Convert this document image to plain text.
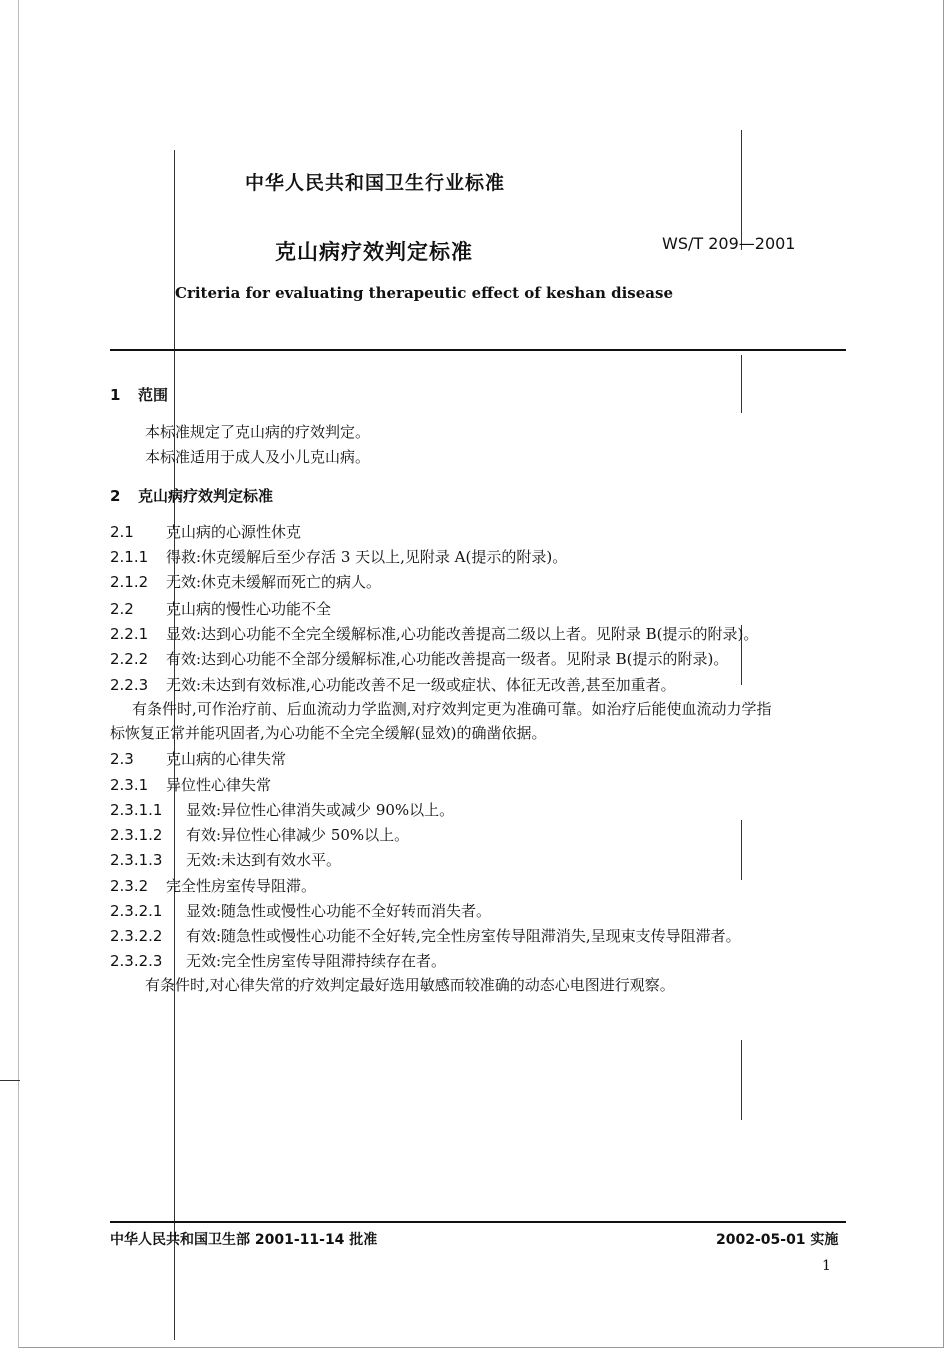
中华人民共和国卫生行业标准
克山病疗效判定标准	WS/T 209—2001
Criteria for evaluating therapeutic effect of keshan disease
1 范围
本标准规定了克山病的疗效判定。
本标准适用于成人及小儿克山病。
2 克山病疗效判定标准
2.1 克山病的心源性休克
2.1.1 得救:休克缓解后至少存活 3 天以上,见附录 A(提示的附录)。
2.1.2 无效:休克未缓解而死亡的病人。
2.2 克山病的慢性心功能不全
2.2.1 显效:达到心功能不全完全缓解标准,心功能改善提高二级以上者。见附录 B(提示的附录)。
2.2.2 有效:达到心功能不全部分缓解标准,心功能改善提高一级者。见附录 B(提示的附录)。
2.2.3 无效:未达到有效标准,心功能改善不足一级或症状、体征无改善,甚至加重者。
有条件时,可作治疗前、后血流动力学监测,对疗效判定更为准确可靠。如治疗后能使血流动力学指
标恢复正常并能巩固者,为心功能不全完全缓解(显效)的确凿依据。
2.3 克山病的心律失常
2.3.1 异位性心律失常
2.3.1.1 显效:异位性心律消失或减少 90%以上。
2.3.1.2 有效:异位性心律减少 50%以上。
2.3.1.3 无效:未达到有效水平。
2.3.2 完全性房室传导阻滞。
2.3.2.1 显效:随急性或慢性心功能不全好转而消失者。
2.3.2.2 有效:随急性或慢性心功能不全好转,完全性房室传导阻滞消失,呈现束支传导阻滞者。
2.3.2.3 无效:完全性房室传导阻滞持续存在者。
有条件时,对心律失常的疗效判定最好选用敏感而较准确的动态心电图进行观察。
中华人民共和国卫生部 2001-11-14 批准	2002-05-01 实施
1
